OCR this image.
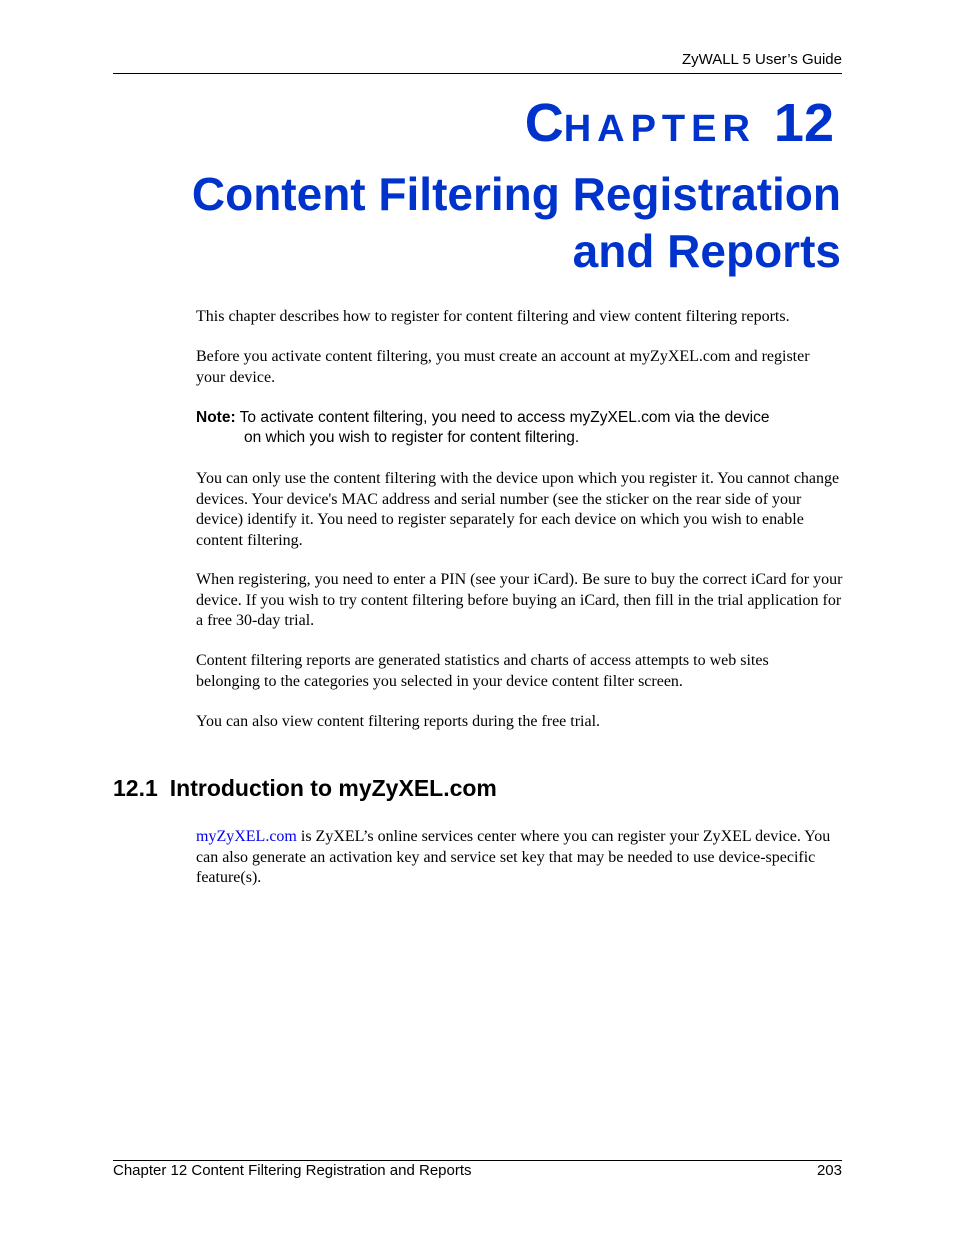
ZyWALL 5 User’s Guide
CHAPTER 12
Content Filtering Registration
and Reports

This chapter describes how to register for content filtering and view content filtering reports.

Before you activate content filtering, you must create an account at myZyXEL.com and register your device.

Note: To activate content filtering, you need to access myZyXEL.com via the device
on which you wish to register for content filtering.

You can only use the content filtering with the device upon which you register it. You cannot change devices. Your device's MAC address and serial number (see the sticker on the rear side of your device) identify it. You need to register separately for each device on which you wish to enable content filtering.

When registering, you need to enter a PIN (see your iCard). Be sure to buy the correct iCard for your device. If you wish to try content filtering before buying an iCard, then fill in the trial application for a free 30-day trial.

Content filtering reports are generated statistics and charts of access attempts to web sites belonging to the categories you selected in your device content filter screen.

You can also view content filtering reports during the free trial.

12.1 Introduction to myZyXEL.com

myZyXEL.com is ZyXEL’s online services center where you can register your ZyXEL device. You can also generate an activation key and service set key that may be needed to use device-specific feature(s).

Chapter 12 Content Filtering Registration and Reports	203
